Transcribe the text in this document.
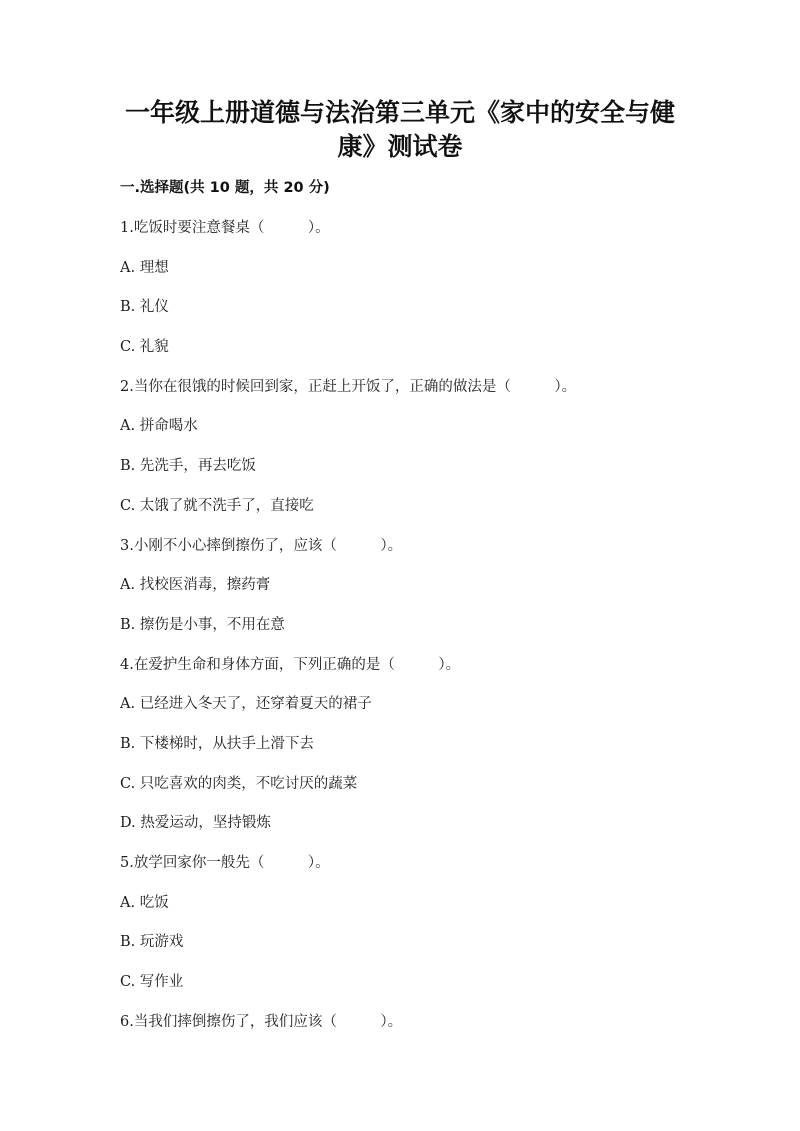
一年级上册道德与法治第三单元《家中的安全与健
康》测试卷
一.选择题(共 10 题，共 20 分)
1.吃饭时要注意餐桌（　　　）。
A. 理想
B. 礼仪
C. 礼貌
2.当你在很饿的时候回到家，正赶上开饭了，正确的做法是（　　　）。
A. 拼命喝水
B. 先洗手，再去吃饭
C. 太饿了就不洗手了，直接吃
3.小刚不小心摔倒擦伤了，应该（　　　）。
A. 找校医消毒，擦药膏
B. 擦伤是小事，不用在意
4.在爱护生命和身体方面，下列正确的是（　　　）。
A. 已经进入冬天了，还穿着夏天的裙子
B. 下楼梯时，从扶手上滑下去
C. 只吃喜欢的肉类，不吃讨厌的蔬菜
D. 热爱运动，坚持锻炼
5.放学回家你一般先（　　　）。
A. 吃饭
B. 玩游戏
C. 写作业
6.当我们摔倒擦伤了，我们应该（　　　）。
